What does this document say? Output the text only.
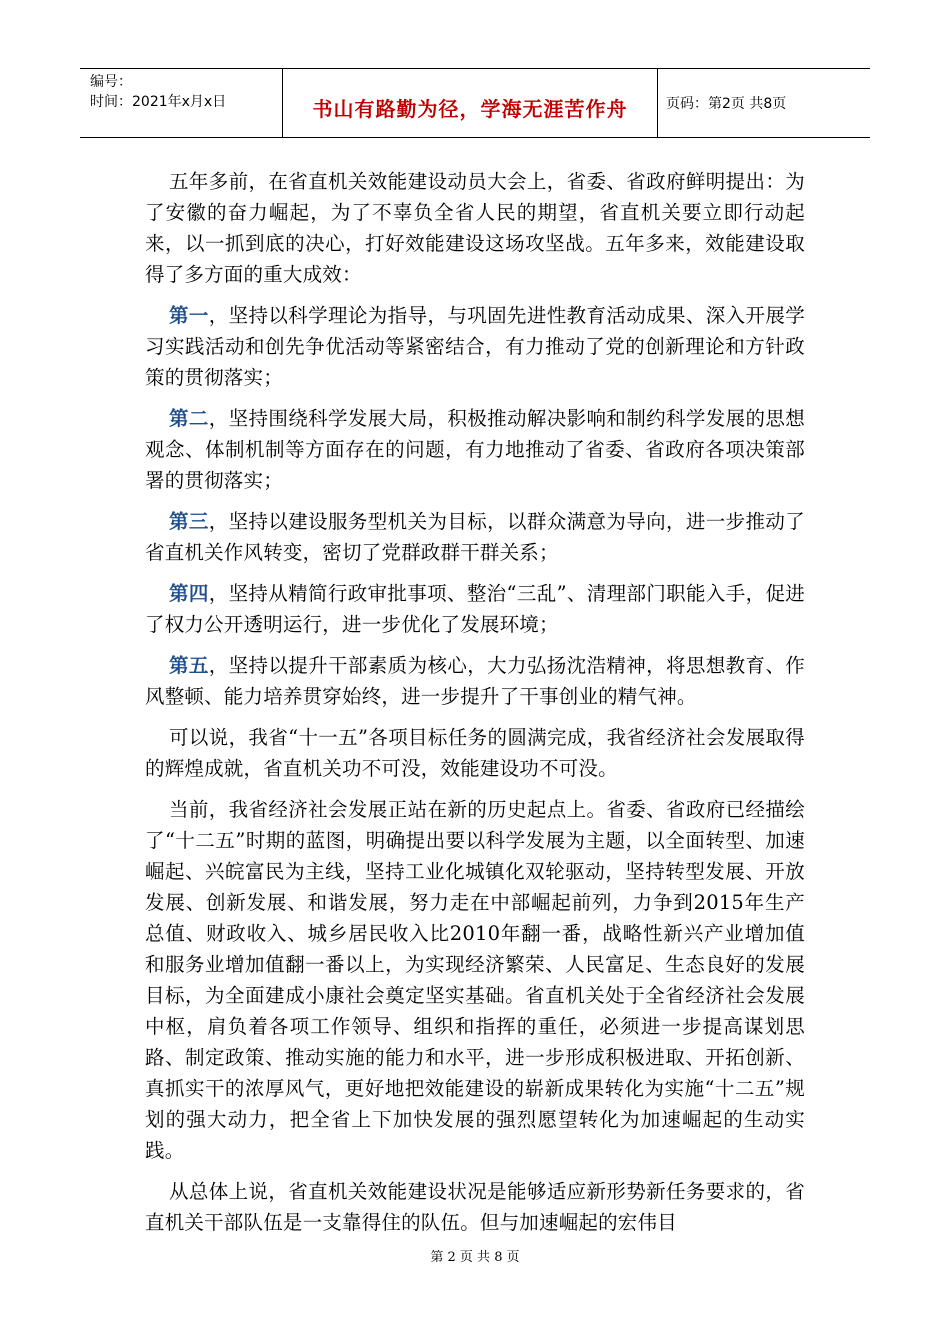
编号：
时间：2021年x月x日	书山有路勤为径，学海无涯苦作舟	页码：第2页 共8页

五年多前，在省直机关效能建设动员大会上，省委、省政府鲜明提出：为了安徽的奋力崛起，为了不辜负全省人民的期望，省直机关要立即行动起来，以一抓到底的决心，打好效能建设这场攻坚战。五年多来，效能建设取得了多方面的重大成效：

第一，坚持以科学理论为指导，与巩固先进性教育活动成果、深入开展学习实践活动和创先争优活动等紧密结合，有力推动了党的创新理论和方针政策的贯彻落实；

第二，坚持围绕科学发展大局，积极推动解决影响和制约科学发展的思想观念、体制机制等方面存在的问题，有力地推动了省委、省政府各项决策部署的贯彻落实；

第三，坚持以建设服务型机关为目标，以群众满意为导向，进一步推动了省直机关作风转变，密切了党群政群干群关系；

第四，坚持从精简行政审批事项、整治“三乱”、清理部门职能入手，促进了权力公开透明运行，进一步优化了发展环境；

第五，坚持以提升干部素质为核心，大力弘扬沈浩精神，将思想教育、作风整顿、能力培养贯穿始终，进一步提升了干事创业的精气神。

可以说，我省“十一五”各项目标任务的圆满完成，我省经济社会发展取得的辉煌成就，省直机关功不可没，效能建设功不可没。

当前，我省经济社会发展正站在新的历史起点上。省委、省政府已经描绘了“十二五”时期的蓝图，明确提出要以科学发展为主题，以全面转型、加速崛起、兴皖富民为主线，坚持工业化城镇化双轮驱动，坚持转型发展、开放发展、创新发展、和谐发展，努力走在中部崛起前列，力争到2015年生产总值、财政收入、城乡居民收入比2010年翻一番，战略性新兴产业增加值和服务业增加值翻一番以上，为实现经济繁荣、人民富足、生态良好的发展目标，为全面建成小康社会奠定坚实基础。省直机关处于全省经济社会发展中枢，肩负着各项工作领导、组织和指挥的重任，必须进一步提高谋划思路、制定政策、推动实施的能力和水平，进一步形成积极进取、开拓创新、真抓实干的浓厚风气，更好地把效能建设的崭新成果转化为实施“十二五”规划的强大动力，把全省上下加快发展的强烈愿望转化为加速崛起的生动实践。

从总体上说，省直机关效能建设状况是能够适应新形势新任务要求的，省直机关干部队伍是一支靠得住的队伍。但与加速崛起的宏伟目

第 2 页 共 8 页
